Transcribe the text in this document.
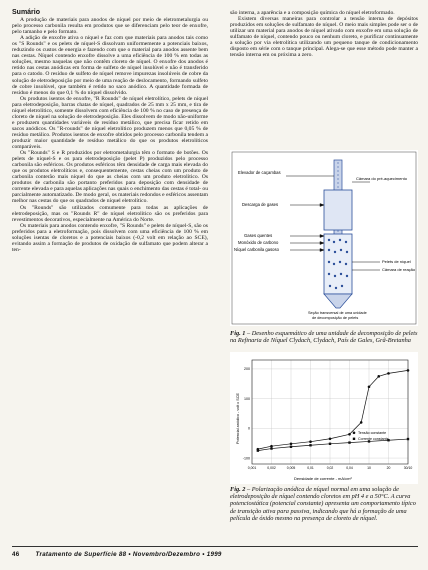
Sumário

A produção de materiais para anodos de níquel por meio de eletrometalurgia ou pelo processo carbonila resulta em produtos que se diferenciam pelo teor de enxofre, pelo tamanho e pelo formato.

A adição de enxofre ativa o níquel e faz com que materiais para anodos tais como os "S Rounds" e os pelets de níquel-S dissolvam uniformemente a potenciais baixos, reduzindo os custos de energia e fazendo com que o material para anodos assente bem nas cestas. Níquel contendo enxofre dissolve a uma eficiência de 100 % em todas as soluções, mesmo naquelas que não contêm cloreto de níquel. O enxofre dos anodos é retido nas cestas anódicas em forma de sulfeto de níquel insolúvel e não é transferido para o catodo. O resíduo de sulfeto de níquel remove impurezas insolúveis de cobre da solução de eletrodeposição por meio de uma reação de deslocamento, formando sulfeto de cobre insolúvel, que também é retido no saco anódico. A quantidade formada de resíduo é menos do que 0,1 % do níquel dissolvido.

Os produtos isentos de enxofre, "R Rounds" de níquel eletrolítico, pelets de níquel para eletrodeposição, barras chatas de níquel, quadrados de 25 mm x 25 mm, e tira de níquel eletrolítico, somente dissolvem com eficiência de 100 % no caso de presença de cloreto de níquel na solução de eletrodeposição. Eles dissolvem de modo não-uniforme e produzem quantidades variáveis de resíduo metálico, que precisa ficar retido em sacos anódicos. Os "R-rounds" de níquel eletrolítico produzem menos que 0,05 % de resíduo metálico. Produtos isentos de enxofre obtidos pelo processo carbonila tendem a produzir maior quantidade de resíduo metálico do que os produtos eletrolíticos comparáveis.

Os "Rounds" S e R produzidos por eletrometalurgia têm o formato de botões. Os pelets de níquel-S e os para eletrodeposição (pelet P) produzidos pelo processo carbonila são esféricos. Os produtos esféricos têm densidade de carga mais elevada do que os produtos eletrolíticos e, consequentemente, cestas cheias com um produto de carbonila conterão mais níquel do que as cheias com um produto eletrolítico. Os produtos de carbonila são portanto preferidos para deposição com densidade de corrente elevada e para aquelas aplicações nas quais o enchimento das cestas é total- ou parcialmente automatizado. De modo geral, os materiais redondos e esféricos assentam melhor nas cestas do que os quadrados de níquel eletrolítico.

Os "Rounds" são utilizados comumente para todas as aplicações de eletrodeposição, mas os "Rounds R" de níquel eletrolítico são os preferidos para revestimentos decorativos, especialmente na América do Norte.

Os materiais para anodos contendo enxofre, "S Rounds" e pelets de níquel-S, são os preferidos para a eletroformação, pois dissolvem com uma eficiência de 100 % em soluções isentas de cloretos e a potenciais baixos (-0,2 volt em relação ao SCE), evitando assim a formação de produtos de oxidação de sulfamato que podem alterar a ten-

são interna, a aparência e a composição química do níquel eletroformado.

Existem diversas maneiras para controlar a tensão interna de depósitos produzidos em soluções de sulfamato de níquel. O meio mais simples pode ser o de utilizar um material para anodos de níquel ativado com enxofre em uma solução de sulfamato de níquel, contendo pouco ou nenhum cloreto, e purificar continuamente a solução por via eletrolítica utilizando um pequeno tanque de condicionamento disposto em série com o tanque principal. Alega-se que esse método pode manter a tensão interna em ou próxima a zero.

Elevador de caçambas
Câmara do pré-aquecimento
Descarga de gases
Gases quentes
Monóxido de carbono
Níquel carbonila gasoso
Pelets de níquel
Câmara de reação
Seção transversal de uma unidade
de decomposição de pelets
Fig. 1 – Desenho esquemático de uma unidade de decomposição de pelets na Refinaria de Níquel Clydach, Clydach, País de Gales, Grã-Bretanha
0,001	0,002	0,005	0,01	0,02	0,04	10	20	30/10
200
100
0
-100
Tensão constante
Corrente constante
Potencial anódico - volt x SCE
Densidade de corrente - mA/cm²
Fig. 2 – Polarização anódica de níquel normal em uma solução de eletrodeposição de níquel contendo cloretos em pH 4 e a 50°C. A curva potenciostática (potencial constante) apresenta um comportamento típico de transição ativa para passiva, indicando que há a formação de uma película de óxido mesmo na presença de cloreto de níquel.
46	Tratamento de Superfície 88 • Novembro/Dezembro • 1999
